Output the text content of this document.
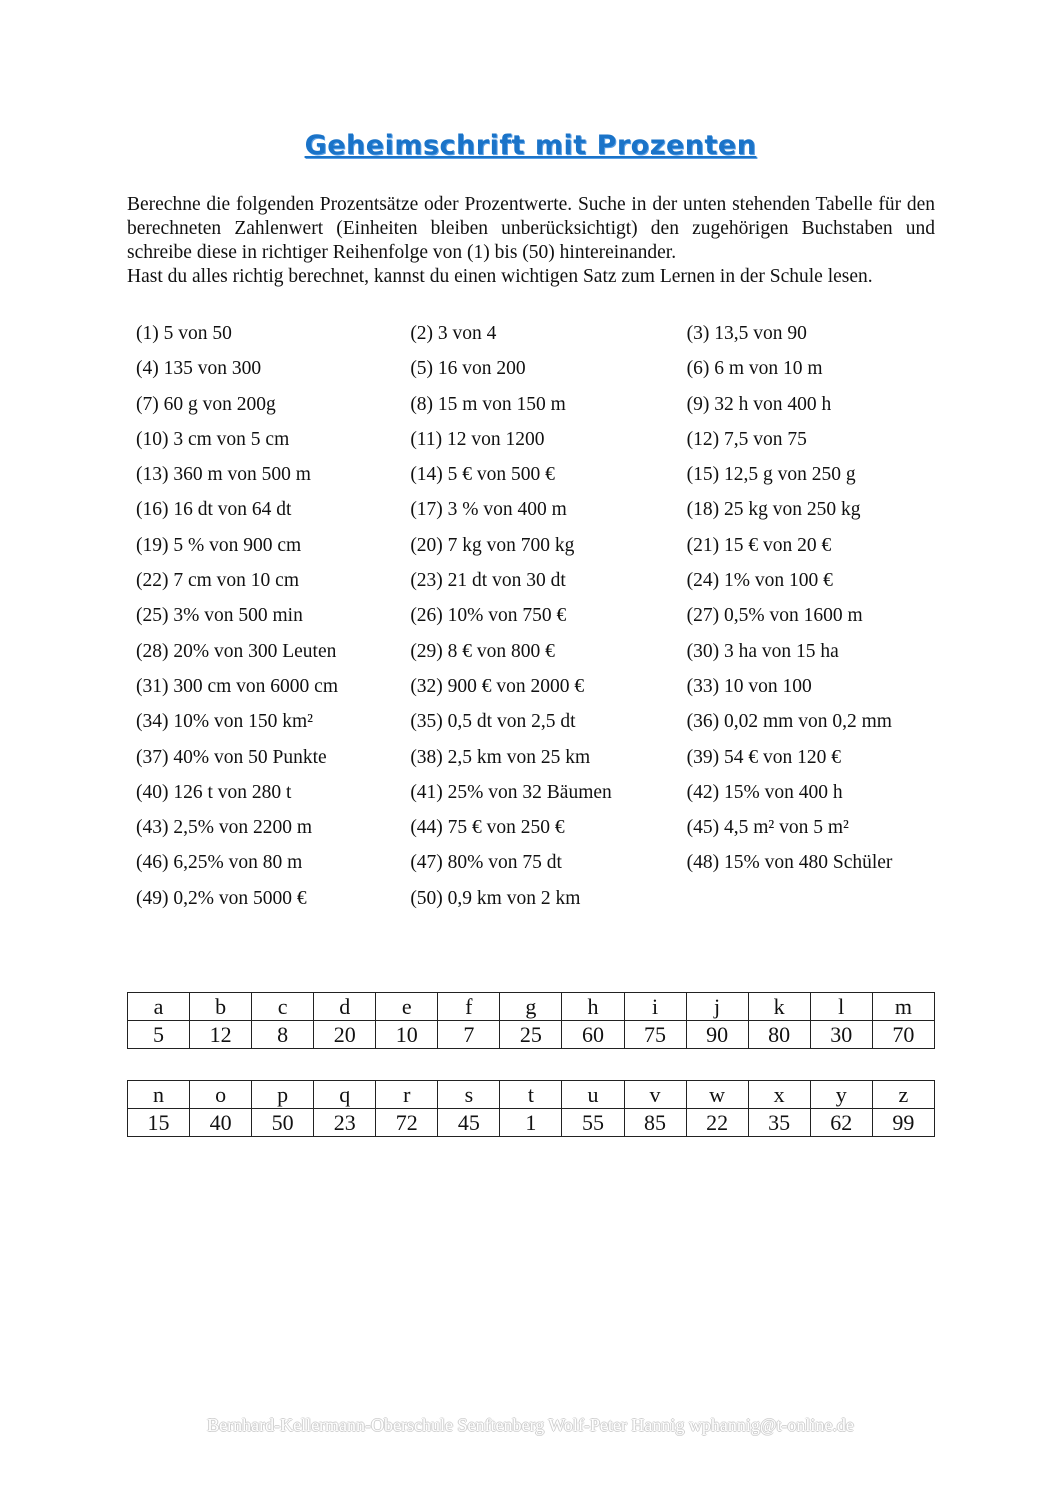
Geheimschrift mit Prozenten

Berechne die folgenden Prozentsätze oder Prozentwerte. Suche in der unten stehenden Tabelle für den berechneten Zahlenwert (Einheiten bleiben unberücksichtigt) den zugehörigen Buchstaben und schreibe diese in richtiger Reihenfolge von (1) bis (50) hintereinander.

Hast du alles richtig berechnet, kannst du einen wichtigen Satz zum Lernen in der Schule lesen.

(1) 5 von 50	(2) 3 von 4	(3) 13,5 von 90
(4) 135 von 300	(5) 16 von 200	(6) 6 m von 10 m
(7) 60 g von 200g	(8) 15 m von 150 m	(9) 32 h von 400 h
(10) 3 cm von 5 cm	(11) 12 von 1200	(12) 7,5 von 75
(13) 360 m von 500 m	(14) 5 € von 500 €	(15) 12,5 g von 250 g
(16) 16 dt von 64 dt	(17) 3 % von 400 m	(18) 25 kg von 250 kg
(19) 5 % von 900 cm	(20) 7 kg von 700 kg	(21) 15 € von 20 €
(22) 7 cm von 10 cm	(23) 21 dt von 30 dt	(24) 1% von 100 €
(25) 3% von 500 min	(26) 10% von 750 €	(27) 0,5% von 1600 m
(28) 20% von 300 Leuten	(29) 8 € von 800 €	(30) 3 ha von 15 ha
(31) 300 cm von 6000 cm	(32) 900 € von 2000 €	(33) 10 von 100
(34) 10% von 150 km²	(35) 0,5 dt von 2,5 dt	(36) 0,02 mm von 0,2 mm
(37) 40% von 50 Punkte	(38) 2,5 km von 25 km	(39) 54 € von 120 €
(40) 126 t von 280 t	(41) 25% von 32 Bäumen	(42) 15% von 400 h
(43) 2,5% von 2200 m	(44) 75 € von 250 €	(45) 4,5 m² von 5 m²
(46) 6,25% von 80 m	(47) 80% von 75 dt	(48) 15% von 480 Schüler
(49) 0,2% von 5000 €	(50) 0,9 km von 2 km
a	b	c	d	e	f	g	h	i	j	k	l	m
5	12	8	20	10	7	25	60	75	90	80	30	70
n	o	p	q	r	s	t	u	v	w	x	y	z
15	40	50	23	72	45	1	55	85	22	35	62	99
Bernhard-Kellermann-Oberschule Senftenberg Wolf-Peter Hannig wphannig@t-online.de
